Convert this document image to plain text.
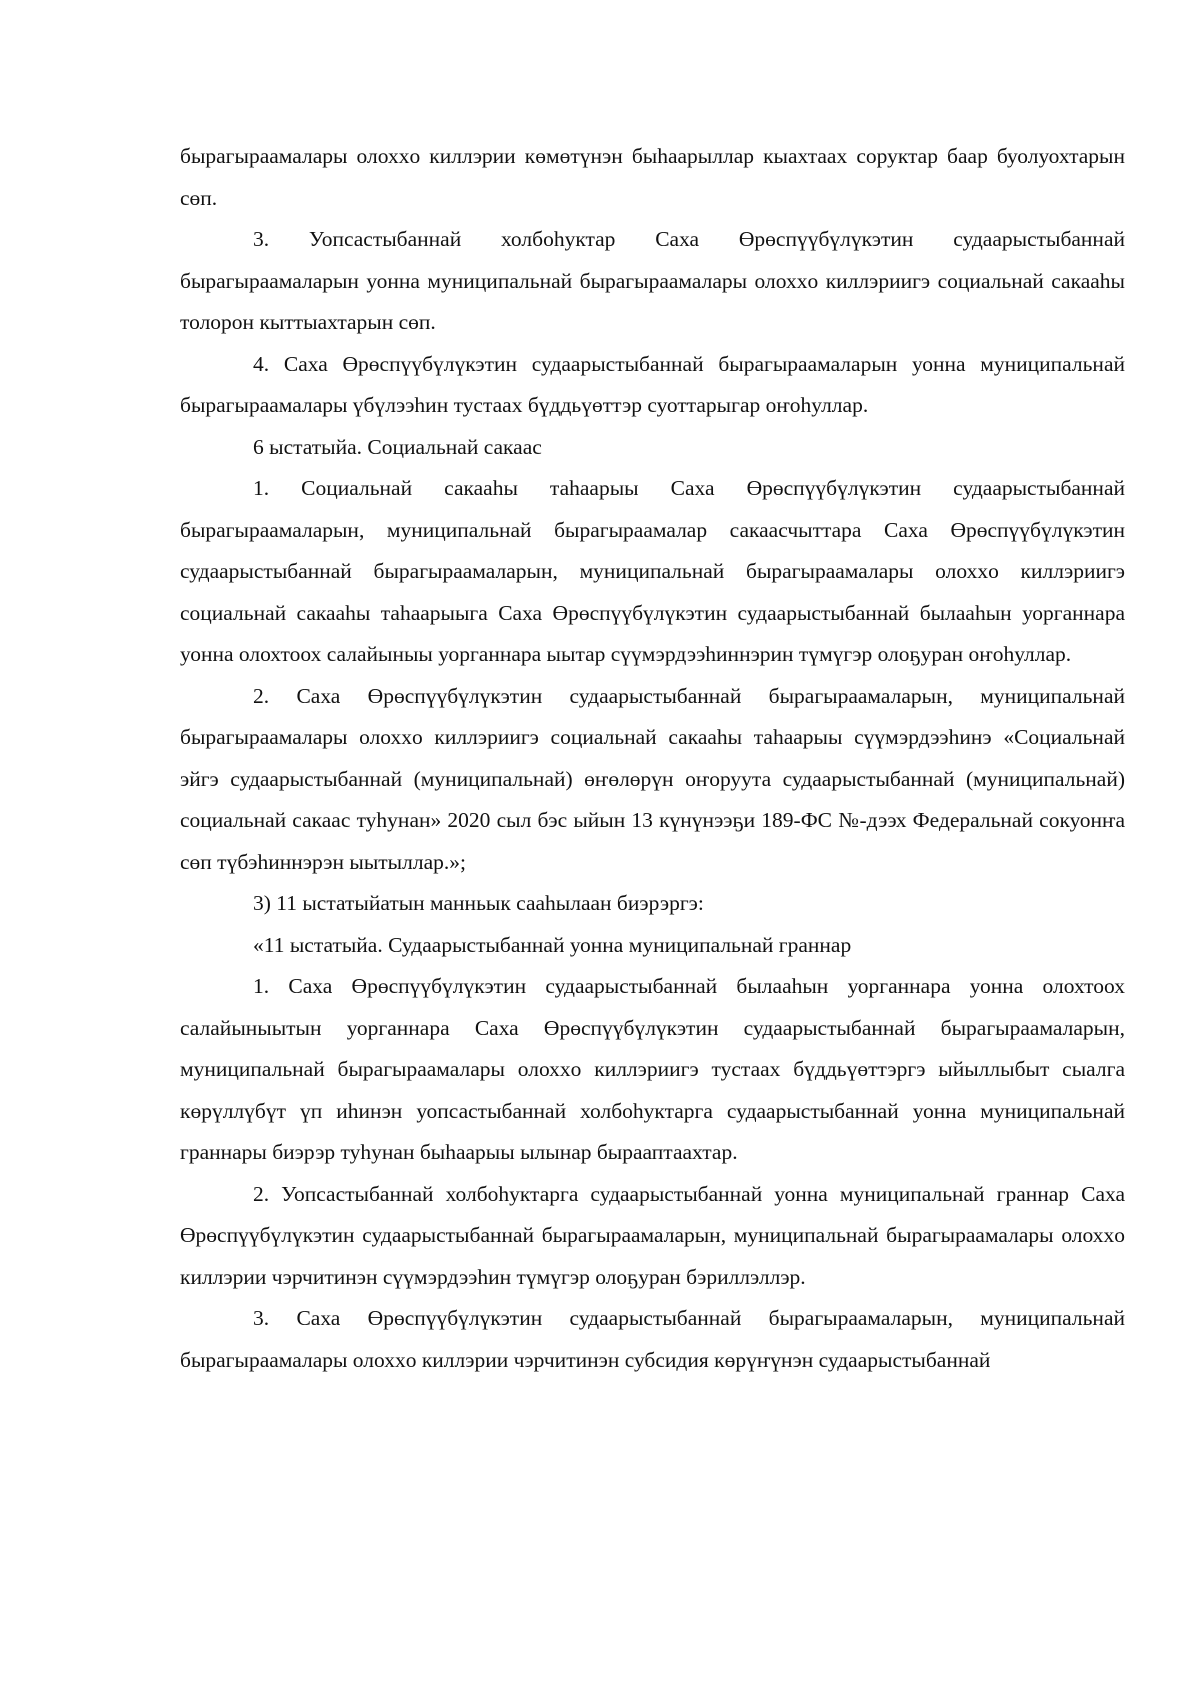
бырагыраамалары олохxо киллэрии көмөтүнэн быһаарыллар кыахтаах соруктар баар буолуохтарын сөп.

3. Уопсастыбаннай холбоһуктар Саха Өрөспүүбүлүкэтин судаарыстыбаннай бырагыраамаларын уонна муниципальнай бырагыраамалары олохxо киллэриигэ социальнай сакааһы толорон кыттыахтарын сөп.

4. Саха Өрөспүүбүлүкэтин судаарыстыбаннай бырагыраамаларын уонна муниципальнай бырагыраамалары үбүлээһин тустаах бүддьүөттэр суоттарыгар оҥоһуллар.

6 ыстатыйа. Социальнай сакаас

1. Социальнай сакааһы таһаарыы Саха Өрөспүүбүлүкэтин судаарыстыбаннай бырагыраамаларын, муниципальнай бырагыраамалар сакаасчыттара Саха Өрөспүүбүлүкэтин судаарыстыбаннай бырагыраамаларын, муниципальнай бырагыраамалары олохxо киллэриигэ социальнай сакааһы таһаарыыга Саха Өрөспүүбүлүкэтин судаарыстыбаннай былааһын уорганнара уонна олохтоох салайыныы уорганнара ыытар сүүмэрдээһиннэрин түмүгэр олоҕуран оҥоһуллар.

2. Саха Өрөспүүбүлүкэтин судаарыстыбаннай бырагыраамаларын, муниципальнай бырагыраамалары олохxо киллэриигэ социальнай сакааһы таһаарыы сүүмэрдээһинэ «Социальнай эйгэ судаарыстыбаннай (муниципальнай) өҥөлөрүн оҥоруута судаарыстыбаннай (муниципальнай) социальнай сакаас туһунан» 2020 сыл бэс ыйын 13 күнүнээҕи 189-ФС №-дээх Федеральнай сокуонҥа сөп түбэһиннэрэн ыытыллар.»;

3) 11 ыстатыйатын манньык сааһылаан биэрэргэ:

«11 ыстатыйа. Судаарыстыбаннай уонна муниципальнай граннар

1. Саха Өрөспүүбүлүкэтин судаарыстыбаннай былааһын уорганнара уонна олохтоох салайыныытын уорганнара Саха Өрөспүүбүлүкэтин судаарыстыбаннай бырагыраамаларын, муниципальнай бырагыраамалары олохxо киллэриигэ тустаах бүддьүөттэргэ ыйыллыбыт сыалга көрүллүбүт үп иһинэн уопсастыбаннай холбоһуктарга судаарыстыбаннай уонна муниципальнай граннары биэрэр туһунан быһаарыы ылынар бырааптаахтар.

2. Уопсастыбаннай холбоһуктарга судаарыстыбаннай уонна муниципальнай граннар Саха Өрөспүүбүлүкэтин судаарыстыбаннай бырагыраамаларын, муниципальнай бырагыраамалары олохxо киллэрии чэрчитинэн сүүмэрдээһин түмүгэр олоҕуран бэриллэллэр.

3. Саха Өрөспүүбүлүкэтин судаарыстыбаннай бырагыраамаларын, муниципальнай бырагыраамалары олохxо киллэрии чэрчитинэн субсидия көрүҥүнэн судаарыстыбаннай
